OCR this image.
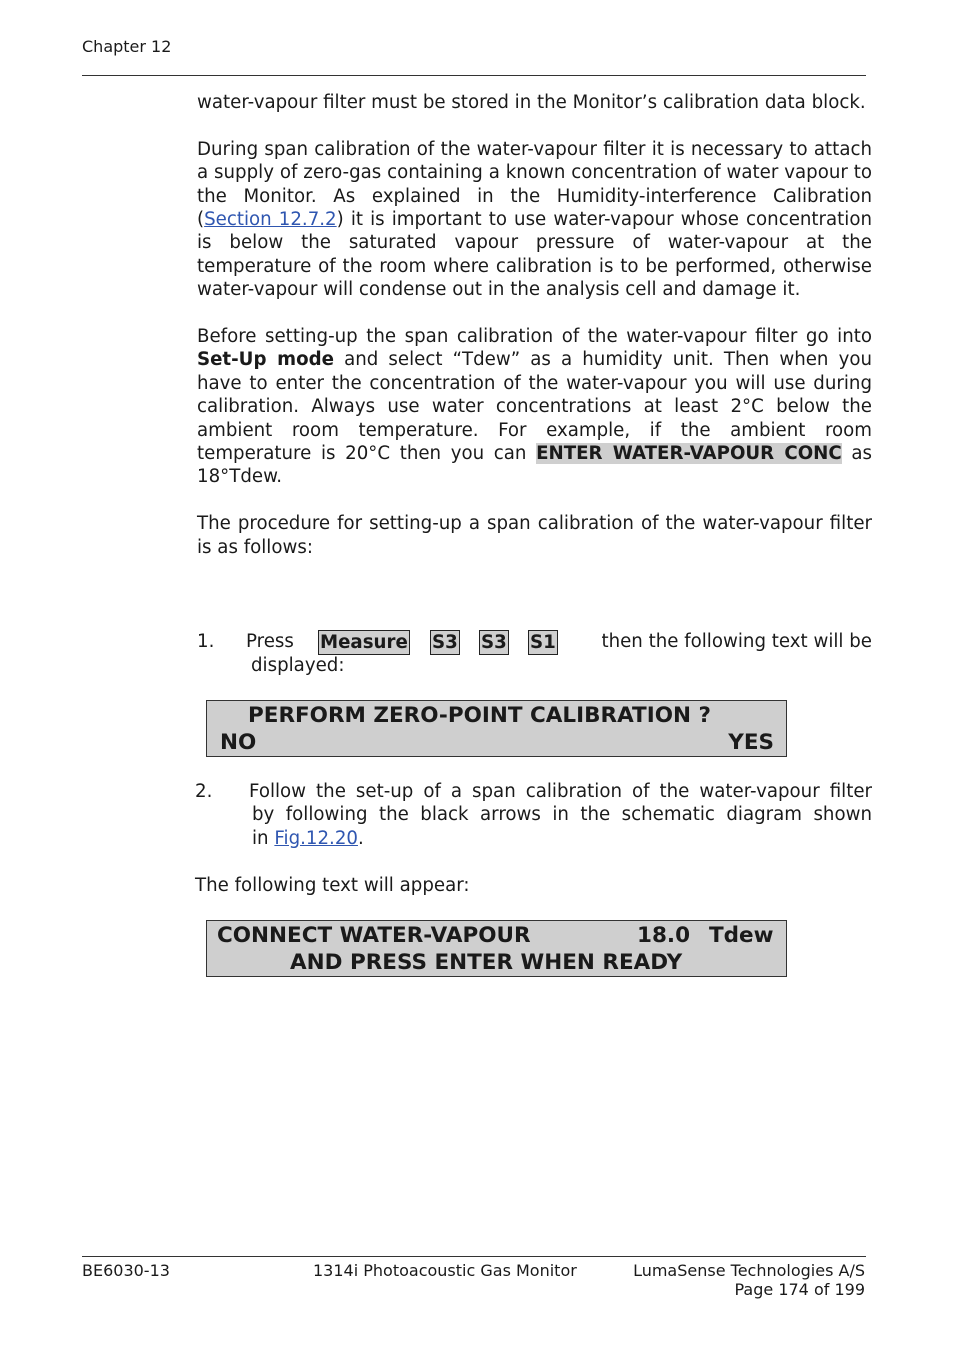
Chapter 12

water-vapour filter must be stored in the Monitor’s calibration data block.

During span calibration of the water-vapour filter it is necessary to attach a supply of zero-gas containing a known concentration of water vapour to the Monitor. As explained in the Humidity-interference Calibration (Section 12.7.2) it is important to use water-vapour whose concentration is below the saturated vapour pressure of water-vapour at the temperature of the room where calibration is to be performed, otherwise water-vapour will condense out in the analysis cell and damage it.

Before setting-up the span calibration of the water-vapour filter go into Set-Up mode and select “Tdew” as a humidity unit. Then when you have to enter the concentration of the water-vapour you will use during calibration. Always use water concentrations at least 2°C below the ambient room temperature. For example, if the ambient room temperature is 20°C then you can ENTER WATER-VAPOUR CONC as 18°Tdew.

The procedure for setting-up a span calibration of the water-vapour filter is as follows:

1. Press Measure S3 S3 S1	then the following text will be
displayed:
PERFORM ZERO-POINT CALIBRATION ?
NO	YES
2. Follow the set-up of a span calibration of the water-vapour filter
by following the black arrows in the schematic diagram shown
in Fig.12.20.
The following text will appear:
CONNECT WATER-VAPOUR	18.0 Tdew
AND PRESS ENTER WHEN READY
BE6030-13	1314i Photoacoustic Gas Monitor	LumaSense Technologies A/S
Page 174 of 199
